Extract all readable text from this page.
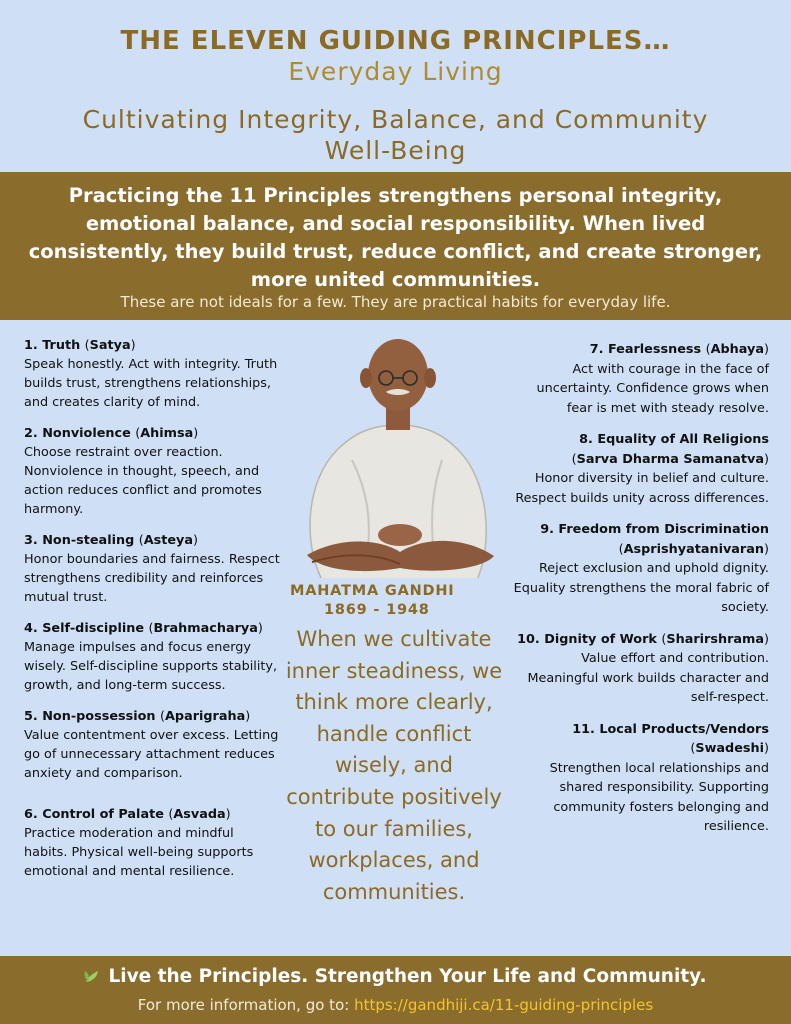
THE ELEVEN GUIDING PRINCIPLES…
Everyday Living
Cultivating Integrity, Balance, and Community Well-Being
Practicing the 11 Principles strengthens personal integrity, emotional balance, and social responsibility. When lived consistently, they build trust, reduce conflict, and create stronger, more united communities.
These are not ideals for a few. They are practical habits for everyday life.
1. Truth (Satya)
Speak honestly. Act with integrity. Truth builds trust, strengthens relationships, and creates clarity of mind.
2. Nonviolence (Ahimsa)
Choose restraint over reaction. Nonviolence in thought, speech, and action reduces conflict and promotes harmony.
3. Non-stealing (Asteya)
Honor boundaries and fairness. Respect strengthens credibility and reinforces mutual trust.
4. Self-discipline (Brahmacharya)
Manage impulses and focus energy wisely. Self-discipline supports stability, growth, and long-term success.
5. Non-possession (Aparigraha)
Value contentment over excess. Letting go of unnecessary attachment reduces anxiety and comparison.
6. Control of Palate (Asvada)
Practice moderation and mindful habits. Physical well-being supports emotional and mental resilience.
MAHATMA GANDHI
1869 - 1948
When we cultivate inner steadiness, we think more clearly, handle conflict wisely, and contribute positively to our families, workplaces, and communities.
7. Fearlessness (Abhaya)
Act with courage in the face of uncertainty. Confidence grows when fear is met with steady resolve.
8. Equality of All Religions
(Sarva Dharma Samanatva)
Honor diversity in belief and culture. Respect builds unity across differences.
9. Freedom from Discrimination
(Asprishyatanivaran)
Reject exclusion and uphold dignity. Equality strengthens the moral fabric of society.
10. Dignity of Work (Sharirshrama)
Value effort and contribution. Meaningful work builds character and self-respect.
11. Local Products/Vendors
(Swadeshi)
Strengthen local relationships and shared responsibility. Supporting community fosters belonging and resilience.
Live the Principles. Strengthen Your Life and Community.
For more information, go to: https://gandhiji.ca/11-guiding-principles
